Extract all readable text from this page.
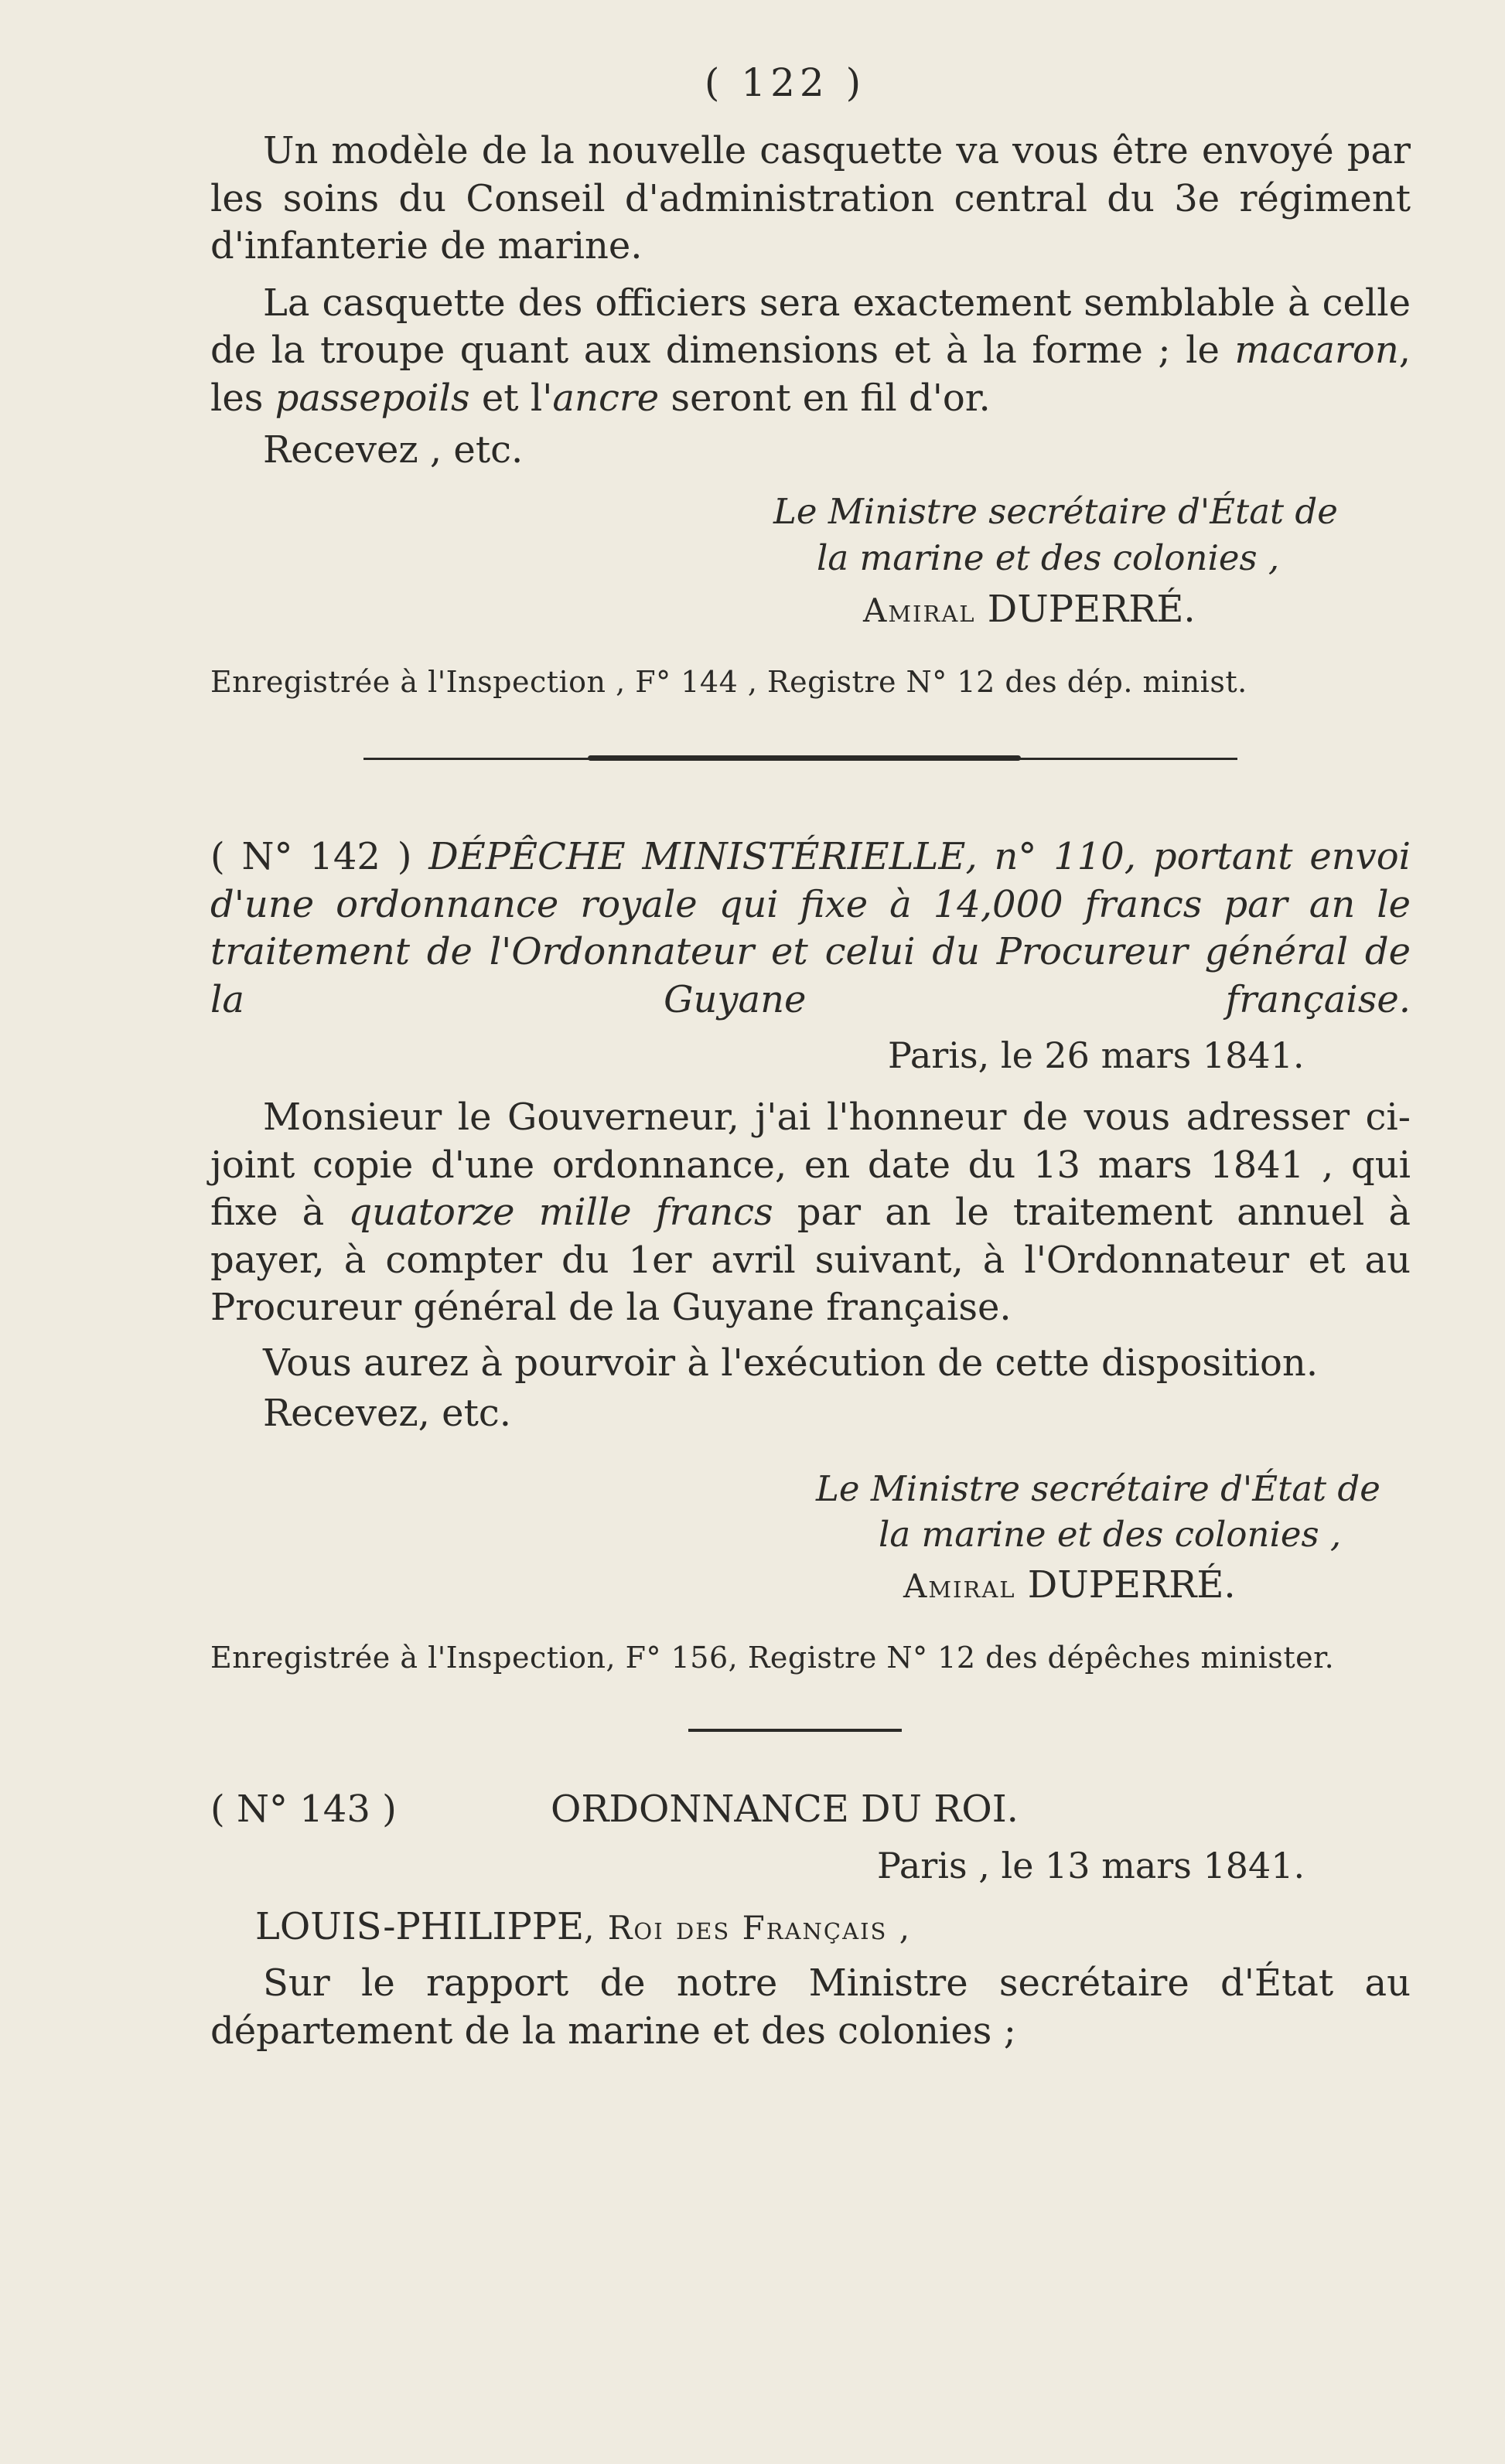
( 122 )

Un modèle de la nouvelle casquette va vous être envoyé par les soins du Conseil d'administration central du 3e régiment d'infanterie de marine.

La casquette des officiers sera exactement semblable à celle de la troupe quant aux dimensions et à la forme ; le macaron, les passepoils et l'ancre seront en fil d'or.

Recevez , etc.

Le Ministre secrétaire d'État de
la marine et des colonies ,
Amiral DUPERRÉ.
Enregistrée à l'Inspection , F° 144 , Registre N° 12 des dép. minist.

( N° 142 ) DÉPÊCHE MINISTÉRIELLE, n° 110, portant envoi d'une ordonnance royale qui fixe à 14,000 francs par an le traitement de l'Ordonnateur et celui du Procureur général de la Guyane française.

Paris, le 26 mars 1841.

Monsieur le Gouverneur, j'ai l'honneur de vous adresser ci-joint copie d'une ordonnance, en date du 13 mars 1841 , qui fixe à quatorze mille francs par an le traitement annuel à payer, à compter du 1er avril suivant, à l'Ordonnateur et au Procureur général de la Guyane française.

Vous aurez à pourvoir à l'exécution de cette disposition.

Recevez, etc.

Le Ministre secrétaire d'État de
la marine et des colonies ,
Amiral DUPERRÉ.
Enregistrée à l'Inspection, F° 156, Registre N° 12 des dépêches minister.
( N° 143 )	ORDONNANCE DU ROI.
Paris , le 13 mars 1841.
LOUIS-PHILIPPE, Roi des Français ,

Sur le rapport de notre Ministre secrétaire d'État au département de la marine et des colonies ;
